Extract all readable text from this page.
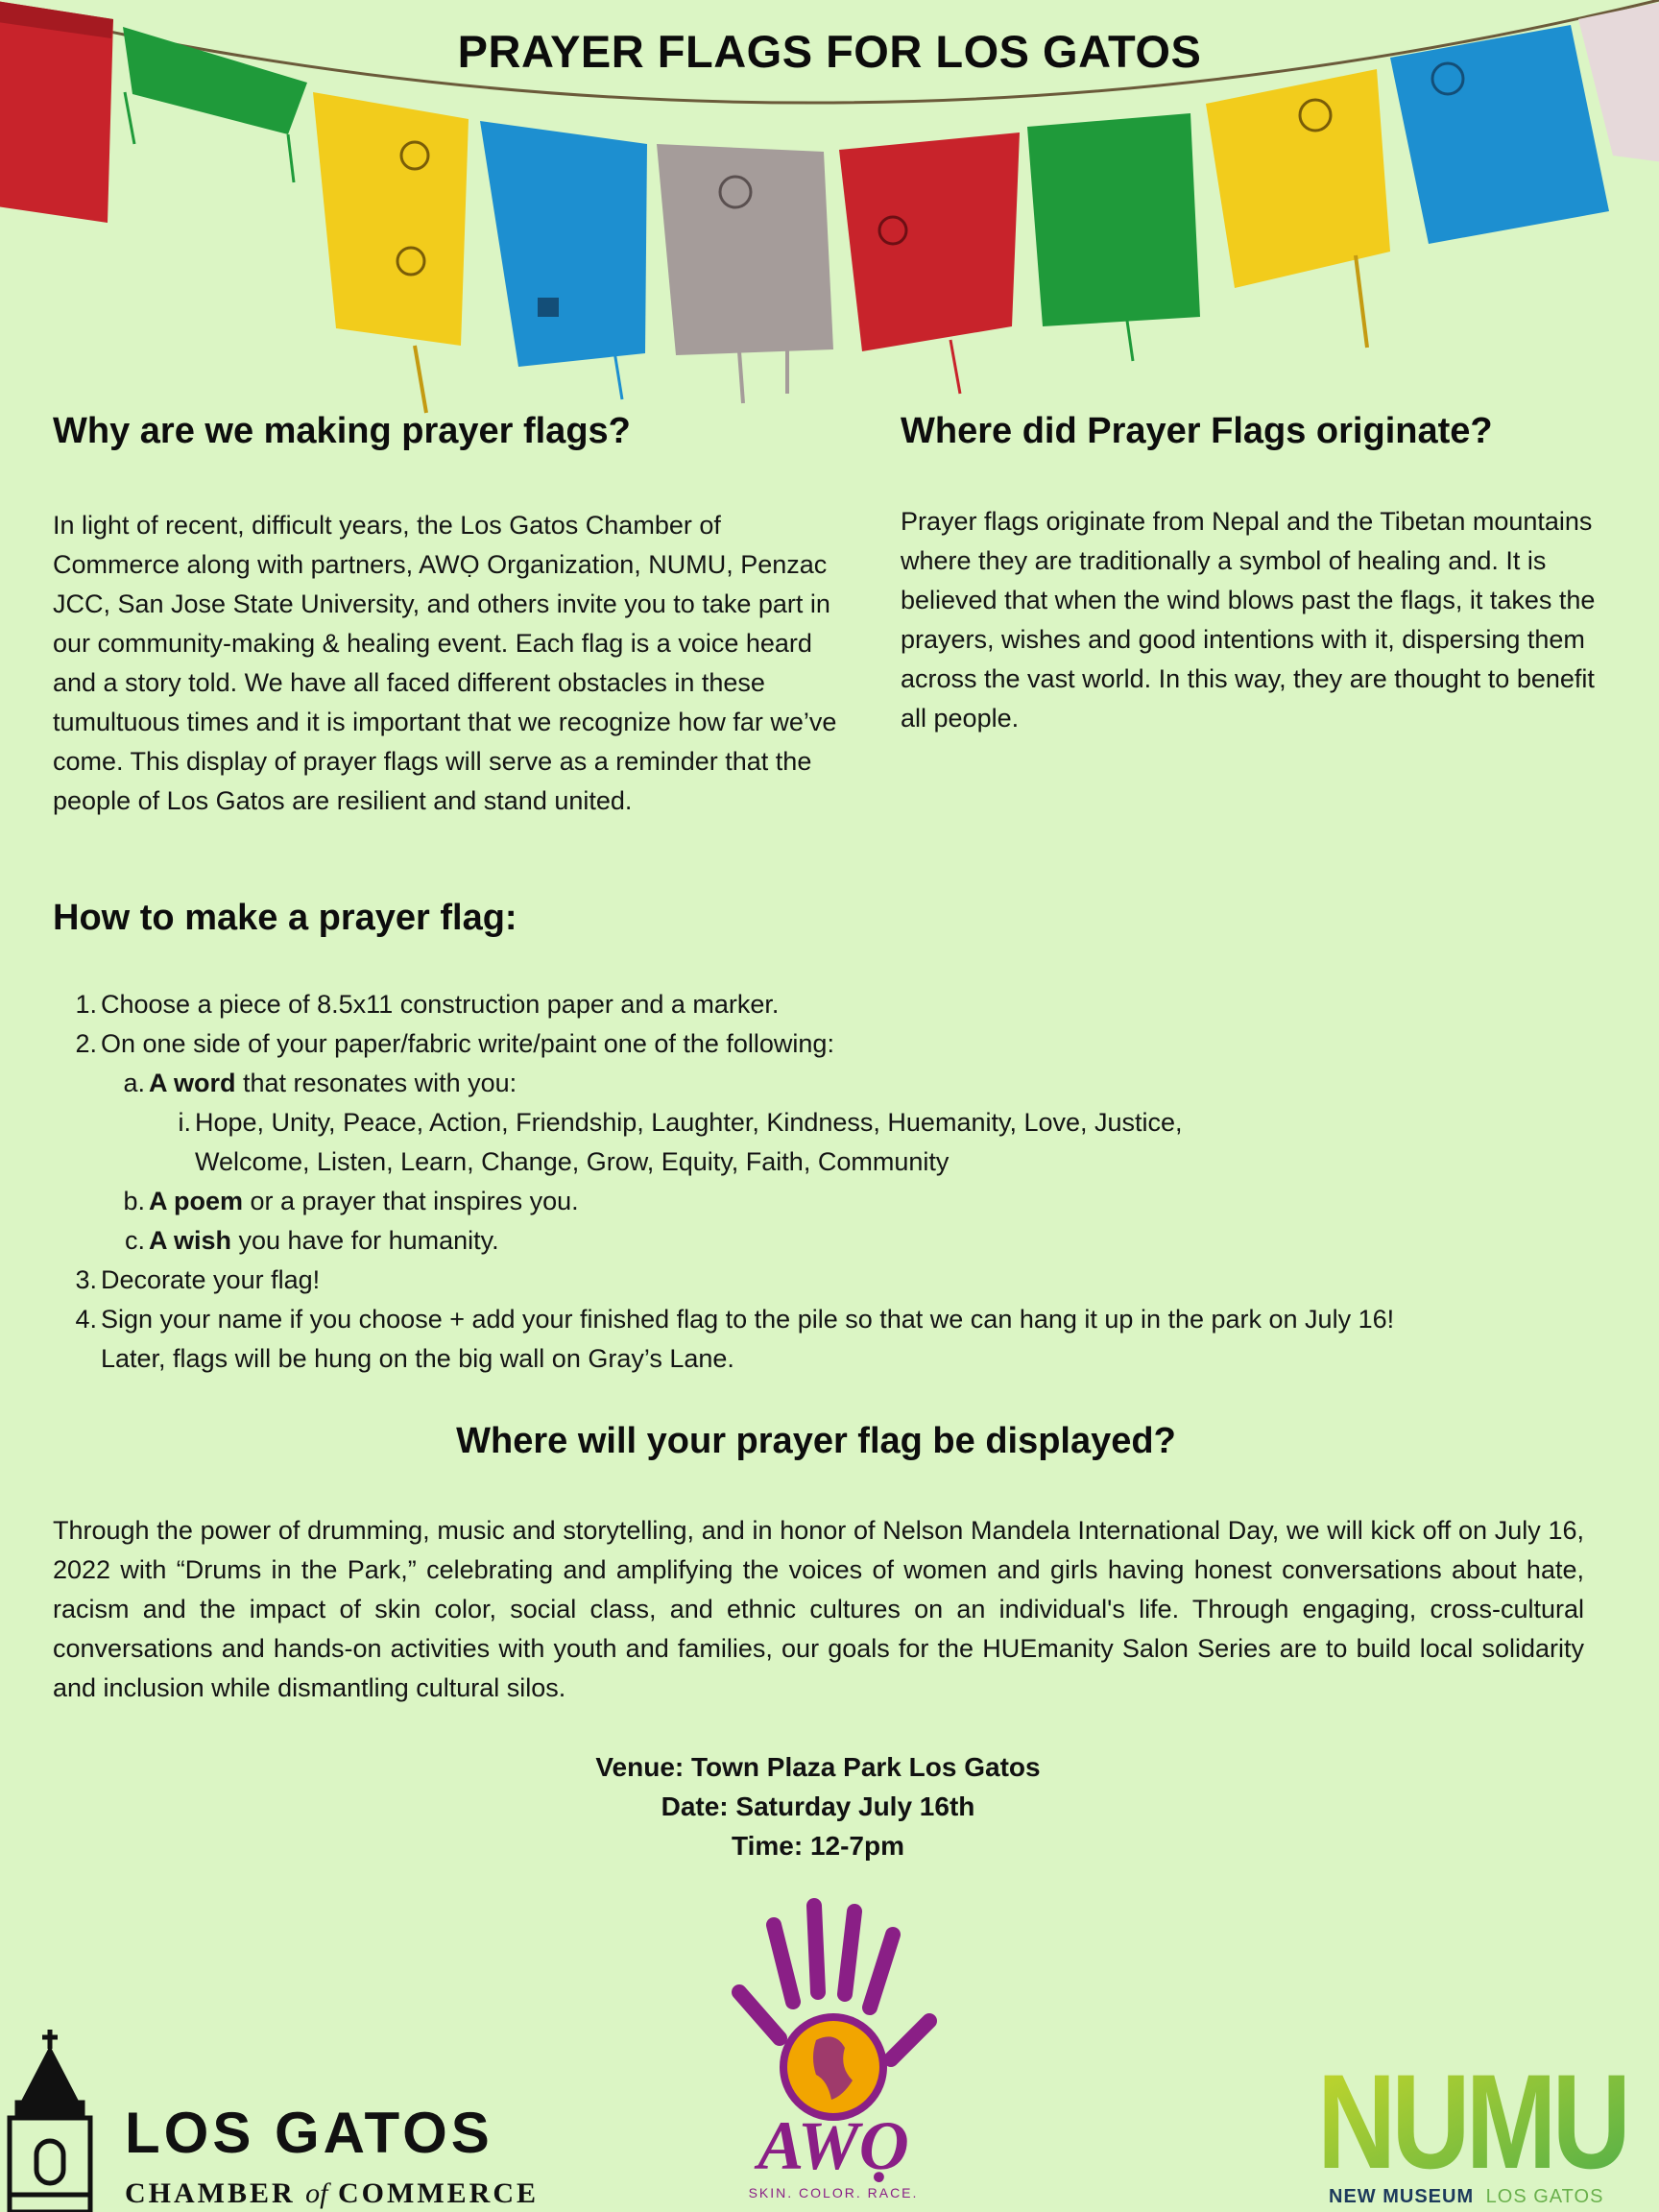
PRAYER FLAGS FOR LOS GATOS
Why are we making prayer flags?
In light of recent, difficult years, the Los Gatos Chamber of Commerce along with partners, AWỌ Organization, NUMU, Penzac JCC, San Jose State University, and others invite you to take part in our community-making & healing event. Each flag is a voice heard and a story told. We have all faced different obstacles in these tumultuous times and it is important that we recognize how far we’ve come. This display of prayer flags will serve as a reminder that the people of Los Gatos are resilient and stand united.
Where did Prayer Flags originate?
Prayer flags originate from Nepal and the Tibetan mountains where they are traditionally a symbol of healing and. It is believed that when the wind blows past the flags, it takes the prayers, wishes and good intentions with it, dispersing them across the vast world. In this way, they are thought to benefit all people.
How to make a prayer flag:
1. Choose a piece of 8.5x11 construction paper and a marker.
2. On one side of your paper/fabric write/paint one of the following:
a. A word that resonates with you:
i. Hope, Unity, Peace, Action, Friendship, Laughter, Kindness, Huemanity, Love, Justice, Welcome, Listen, Learn, Change, Grow, Equity, Faith, Community
b. A poem or a prayer that inspires you.
c. A wish you have for humanity.
3. Decorate your flag!
4. Sign your name if you choose + add your finished flag to the pile so that we can hang it up in the park on July 16! Later, flags will be hung on the big wall on Gray’s Lane.
Where will your prayer flag be displayed?
Through the power of drumming, music and storytelling, and in honor of Nelson Mandela International Day, we will kick off on July 16, 2022 with “Drums in the Park,” celebrating and amplifying the voices of women and girls having honest conversations about hate, racism and the impact of skin color, social class, and ethnic cultures on an individual's life. Through engaging, cross-cultural conversations and hands-on activities with youth and families, our goals for the HUEmanity Salon Series are to build local solidarity and inclusion while dismantling cultural silos.
Venue: Town Plaza Park Los Gatos
Date: Saturday July 16th
Time: 12-7pm
LOS GATOS
CHAMBER of COMMERCE
AWỌ
SKIN. COLOR. RACE.	NUMU
NEW MUSEUM LOS GATOS
